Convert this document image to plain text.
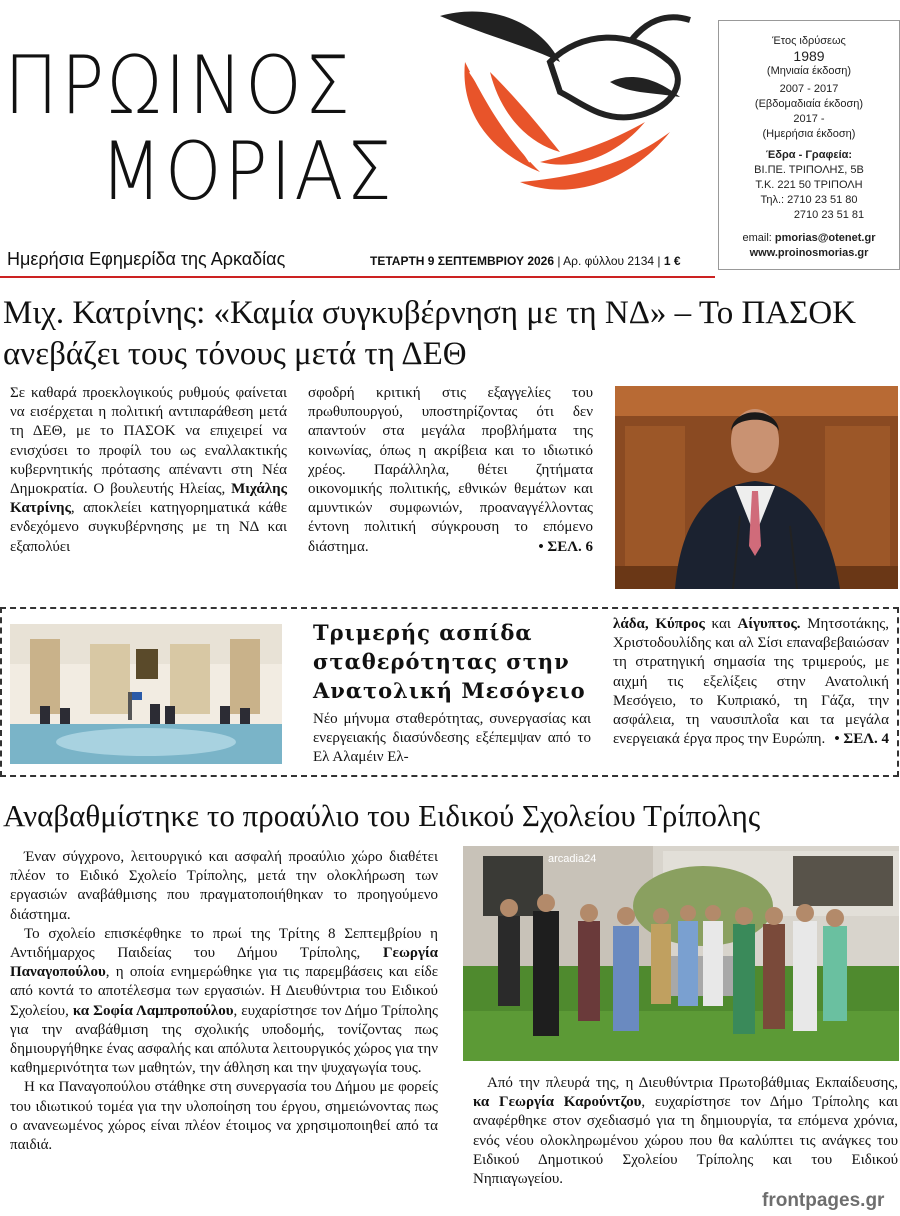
ΠΡΩΙΝΟΣ
ΜΟΡΙΑΣ
Έτος ιδρύσεως
1989
(Μηνιαία έκδοση)
2007 - 2017
(Εβδομαδιαία έκδοση)
2017 -
(Ημερήσια έκδοση)
Έδρα - Γραφεία:
ΒΙ.ΠΕ. ΤΡΙΠΟΛΗΣ, 5Β
Τ.Κ. 221 50 ΤΡΙΠΟΛΗ
Τηλ.: 2710 23 51 80
2710 23 51 81
email: pmorias@otenet.gr
www.proinosmorias.gr
Ημερήσια Εφημερίδα της Αρκαδίας	ΤΕΤΑΡΤΗ 9 ΣΕΠΤΕΜΒΡΙΟΥ 2026 | Αρ. φύλλου 2134 | 1 €
Μιχ. Κατρίνης: «Καμία συγκυβέρνηση με τη ΝΔ» – Το ΠΑΣΟΚ
ανεβάζει τους τόνους μετά τη ΔΕΘ

Σε καθαρά προεκλογικούς ρυθμούς φαίνεται να εισέρχεται η πολιτική αντιπαράθεση μετά τη ΔΕΘ, με το ΠΑΣΟΚ να επιχειρεί να ενισχύσει το προφίλ του ως εναλλακτικής κυβερνητικής πρότασης απέναντι στη Νέα Δημοκρατία. Ο βουλευτής Ηλείας, Μιχάλης Κατρίνης, αποκλείει κατηγορηματικά κάθε ενδεχόμενο συγκυβέρνησης με τη ΝΔ και εξαπολύει

σφοδρή κριτική στις εξαγγελίες του πρωθυπουργού, υποστηρίζοντας ότι δεν απαντούν στα μεγάλα προβλήματα της κοινωνίας, όπως η ακρίβεια και το ιδιωτικό χρέος. Παράλληλα, θέτει ζητήματα οικονομικής πολιτικής, εθνικών θεμάτων και αμυντικών συμφωνιών, προαναγγέλλοντας έντονη πολιτική σύγκρουση το επόμενο διάστημα.	• ΣΕΛ. 6

Τριμερής ασπίδα σταθερότητας στην Ανατολική Μεσόγειο

Νέο μήνυμα σταθερότητας, συνεργασίας και ενεργειακής διασύνδεσης εξέπεμψαν από το Ελ Αλαμέιν Ελ-

λάδα, Κύπρος και Αίγυπτος. Μητσοτάκης, Χριστοδουλίδης και αλ Σίσι επαναβεβαιώσαν τη στρατηγική σημασία της τριμερούς, με αιχμή τις εξελίξεις στην Ανατολική Μεσόγειο, το Κυπριακό, τη Γάζα, την ασφάλεια, τη ναυσιπλοΐα και τα μεγάλα ενεργειακά έργα προς την Ευρώπη. • ΣΕΛ. 4

Αναβαθμίστηκε το προαύλιο του Ειδικού Σχολείου Τρίπολης

Έναν σύγχρονο, λειτουργικό και ασφαλή προαύλιο χώρο διαθέτει πλέον το Ειδικό Σχολείο Τρίπολης, μετά την ολοκλήρωση των εργασιών αναβάθμισης που πραγματοποιήθηκαν το προηγούμενο διάστημα.

Το σχολείο επισκέφθηκε το πρωί της Τρίτης 8 Σεπτεμβρίου η Αντιδήμαρχος Παιδείας του Δήμου Τρίπολης, Γεωργία Παναγοπούλου, η οποία ενημερώθηκε για τις παρεμβάσεις και είδε από κοντά το αποτέλεσμα των εργασιών. Η Διευθύντρια του Ειδικού Σχολείου, κα Σοφία Λαμπροπούλου, ευχαρίστησε τον Δήμο Τρίπολης για την αναβάθμιση της σχολικής υποδομής, τονίζοντας πως δημιουργήθηκε ένας ασφαλής και απόλυτα λειτουργικός χώρος για την καθημερινότητα των μαθητών, την άθληση και την ψυχαγωγία τους.

Η κα Παναγοπούλου στάθηκε στη συνεργασία του Δήμου με φορείς του ιδιωτικού τομέα για την υλοποίηση του έργου, σημειώνοντας πως ο ανανεωμένος χώρος είναι πλέον έτοιμος να χρησιμοποιηθεί από τα παιδιά.

arcadia24

Από την πλευρά της, η Διευθύντρια Πρωτοβάθμιας Εκπαίδευσης, κα Γεωργία Καρούντζου, ευχαρίστησε τον Δήμο Τρίπολης και αναφέρθηκε στον σχεδιασμό για τη δημιουργία, τα επόμενα χρόνια, ενός νέου ολοκληρωμένου χώρου που θα καλύπτει τις ανάγκες του Ειδικού Δημοτικού Σχολείου Τρίπολης και του Ειδικού Νηπιαγωγείου.

frontpages.gr
